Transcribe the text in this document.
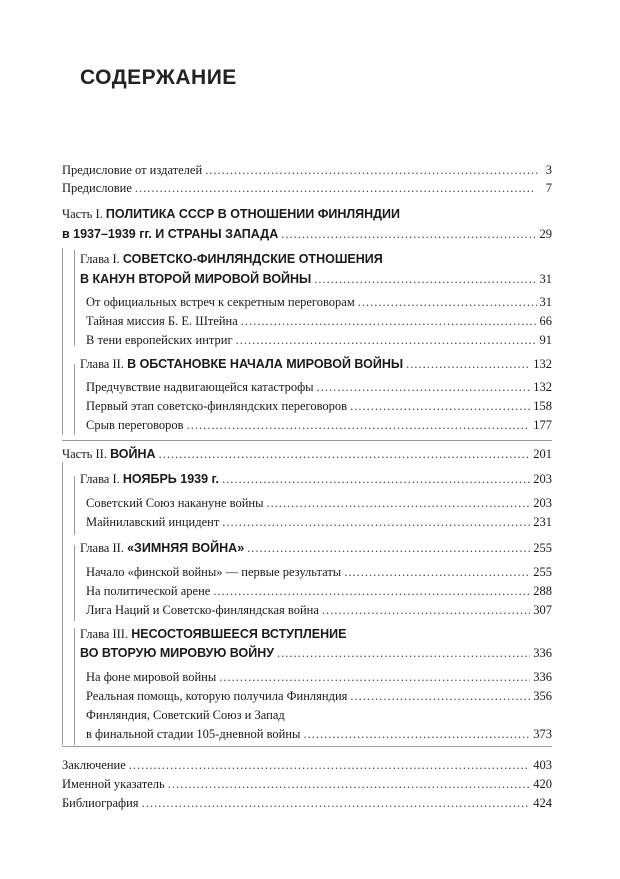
СОДЕРЖАНИЕ
Предисловие от издателей .....	3
Предисловие .....	7
Часть I. ПОЛИТИКА СССР В ОТНОШЕНИИ ФИНЛЯНДИИ
в 1937–1939 гг. И СТРАНЫ ЗАПАДА .....	29
Глава I. СОВЕТСКО-ФИНЛЯНДСКИЕ ОТНОШЕНИЯ
В КАНУН ВТОРОЙ МИРОВОЙ ВОЙНЫ .....	31
От официальных встреч к секретным переговорам .....	31
Тайная миссия Б. Е. Штейна .....	66
В тени европейских интриг .....	91
Глава II. В ОБСТАНОВКЕ НАЧАЛА МИРОВОЙ ВОЙНЫ .....	132
Предчувствие надвигающейся катастрофы .....	132
Первый этап советско-финляндских переговоров .....	158
Срыв переговоров .....	177
Часть II. ВОЙНА .....	201
Глава I. НОЯБРЬ 1939 г. .....	203
Советский Союз накануне войны .....	203
Майнилавский инцидент .....	231
Глава II. «ЗИМНЯЯ ВОЙНА» .....	255
Начало «финской войны» — первые результаты .....	255
На политической арене .....	288
Лига Наций и Советско-финляндская война .....	307
Глава III. НЕСОСТОЯВШЕЕСЯ ВСТУПЛЕНИЕ
ВО ВТОРУЮ МИРОВУЮ ВОЙНУ .....	336
На фоне мировой войны .....	336
Реальная помощь, которую получила Финляндия .....	356
Финляндия, Советский Союз и Запад
в финальной стадии 105-дневной войны .....	373
Заключение .....	403
Именной указатель .....	420
Библиография .....	424
